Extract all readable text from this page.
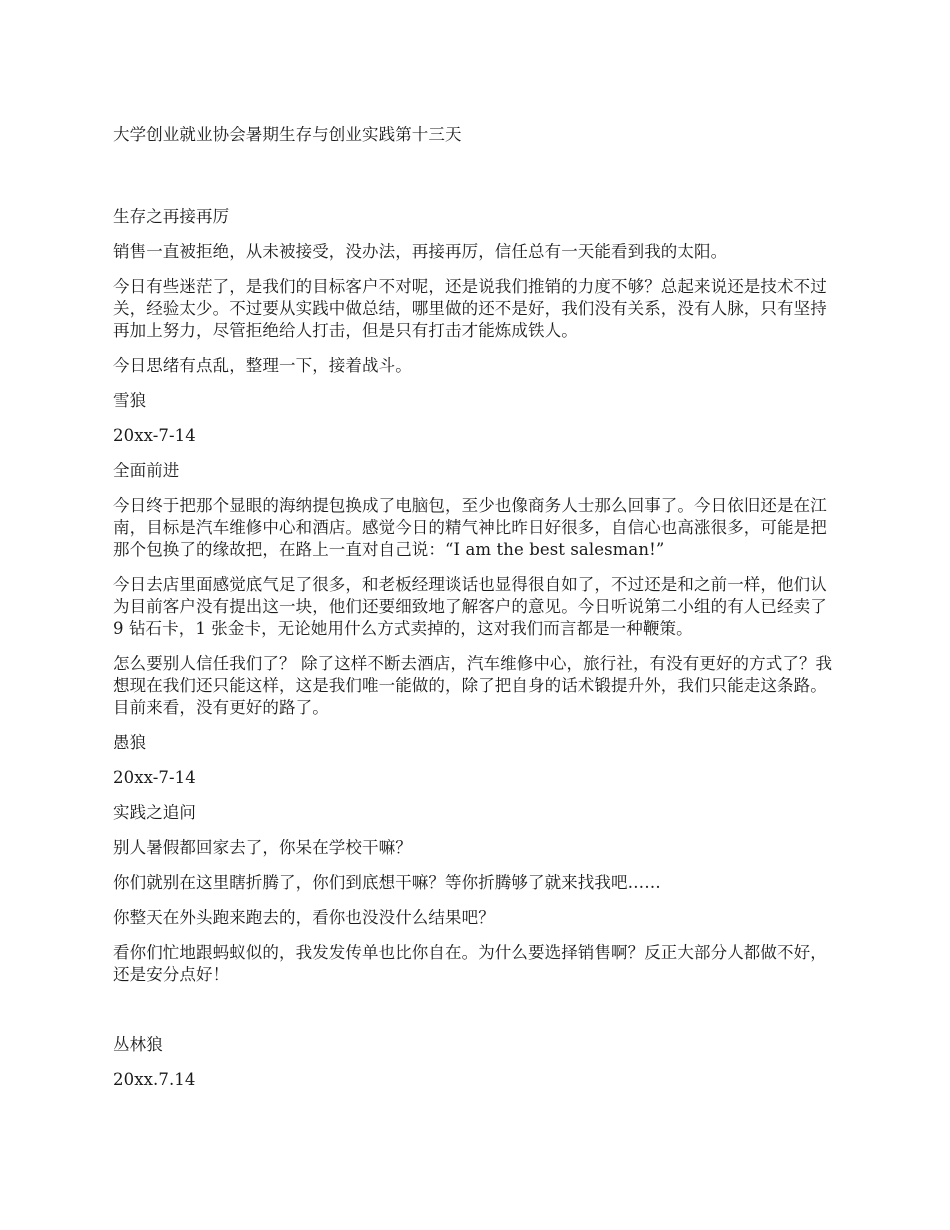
大学创业就业协会暑期生存与创业实践第十三天

生存之再接再厉

销售一直被拒绝，从未被接受，没办法，再接再厉，信任总有一天能看到我的太阳。

今日有些迷茫了，是我们的目标客户不对呢，还是说我们推销的力度不够？总起来说还是技术不过关，经验太少。不过要从实践中做总结，哪里做的还不是好，我们没有关系，没有人脉，只有坚持再加上努力，尽管拒绝给人打击，但是只有打击才能炼成铁人。

今日思绪有点乱，整理一下，接着战斗。

雪狼

20xx-7-14

全面前进

今日终于把那个显眼的海纳提包换成了电脑包，至少也像商务人士那么回事了。今日依旧还是在江南，目标是汽车维修中心和酒店。感觉今日的精气神比昨日好很多，自信心也高涨很多，可能是把那个包换了的缘故把，在路上一直对自己说：“I am the best salesman!”

今日去店里面感觉底气足了很多，和老板经理谈话也显得很自如了，不过还是和之前一样，他们认为目前客户没有提出这一块，他们还要细致地了解客户的意见。今日听说第二小组的有人已经卖了 9 钻石卡，1 张金卡，无论她用什么方式卖掉的，这对我们而言都是一种鞭策。

怎么要别人信任我们了？ 除了这样不断去酒店，汽车维修中心，旅行社，有没有更好的方式了？我想现在我们还只能这样，这是我们唯一能做的，除了把自身的话术锻提升外，我们只能走这条路。目前来看，没有更好的路了。

愚狼

20xx-7-14

实践之追问

别人暑假都回家去了，你呆在学校干嘛？

你们就别在这里瞎折腾了，你们到底想干嘛？等你折腾够了就来找我吧……

你整天在外头跑来跑去的，看你也没没什么结果吧？

看你们忙地跟蚂蚁似的，我发发传单也比你自在。为什么要选择销售啊？反正大部分人都做不好，还是安分点好！

丛林狼

20xx.7.14
